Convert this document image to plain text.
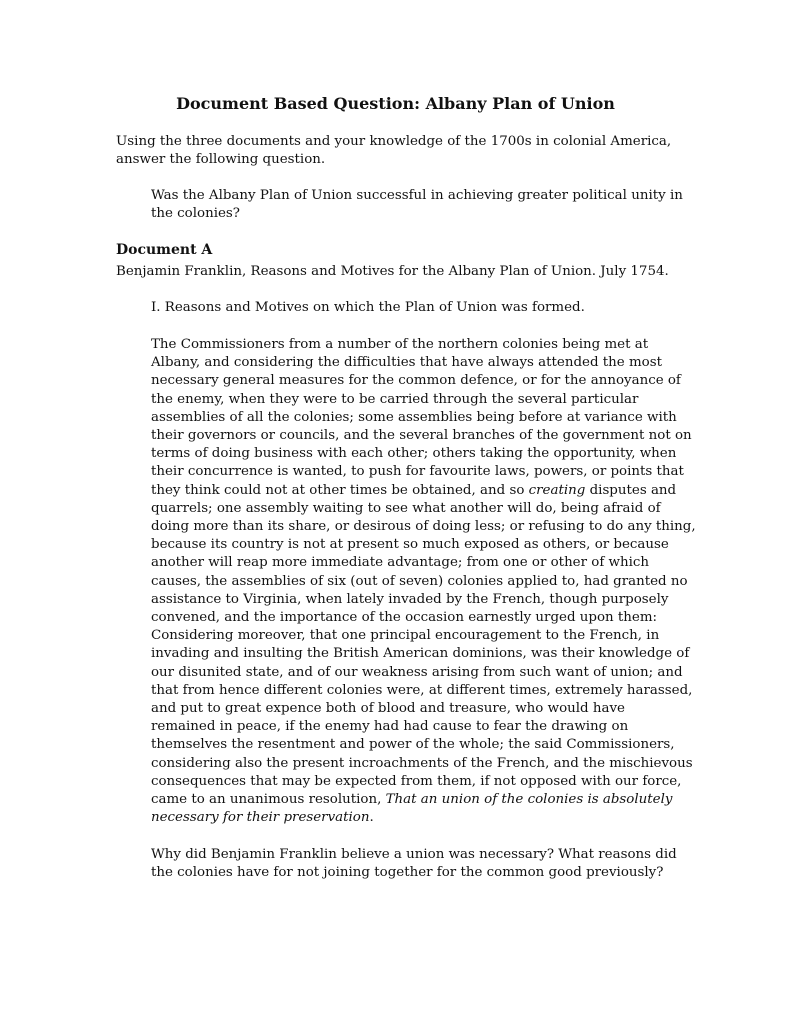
Document Based Question: Albany Plan of Union

Using the three documents and your knowledge of the 1700s in colonial America,
answer the following question.

Was the Albany Plan of Union successful in achieving greater political unity in
the colonies?

Document A

Benjamin Franklin, Reasons and Motives for the Albany Plan of Union. July 1754.

I. Reasons and Motives on which the Plan of Union was formed.

The Commissioners from a number of the northern colonies being met at
Albany, and considering the difficulties that have always attended the most
necessary general measures for the common defence, or for the annoyance of
the enemy, when they were to be carried through the several particular
assemblies of all the colonies; some assemblies being before at variance with
their governors or councils, and the several branches of the government not on
terms of doing business with each other; others taking the opportunity, when
their concurrence is wanted, to push for favourite laws, powers, or points that
they think could not at other times be obtained, and so creating disputes and
quarrels; one assembly waiting to see what another will do, being afraid of
doing more than its share, or desirous of doing less; or refusing to do any thing,
because its country is not at present so much exposed as others, or because
another will reap more immediate advantage; from one or other of which
causes, the assemblies of six (out of seven) colonies applied to, had granted no
assistance to Virginia, when lately invaded by the French, though purposely
convened, and the importance of the occasion earnestly urged upon them:
Considering moreover, that one principal encouragement to the French, in
invading and insulting the British American dominions, was their knowledge of
our disunited state, and of our weakness arising from such want of union; and
that from hence different colonies were, at different times, extremely harassed,
and put to great expence both of blood and treasure, who would have
remained in peace, if the enemy had had cause to fear the drawing on
themselves the resentment and power of the whole; the said Commissioners,
considering also the present incroachments of the French, and the mischievous
consequences that may be expected from them, if not opposed with our force,
came to an unanimous resolution, That an union of the colonies is absolutely
necessary for their preservation.

Why did Benjamin Franklin believe a union was necessary? What reasons did
the colonies have for not joining together for the common good previously?
